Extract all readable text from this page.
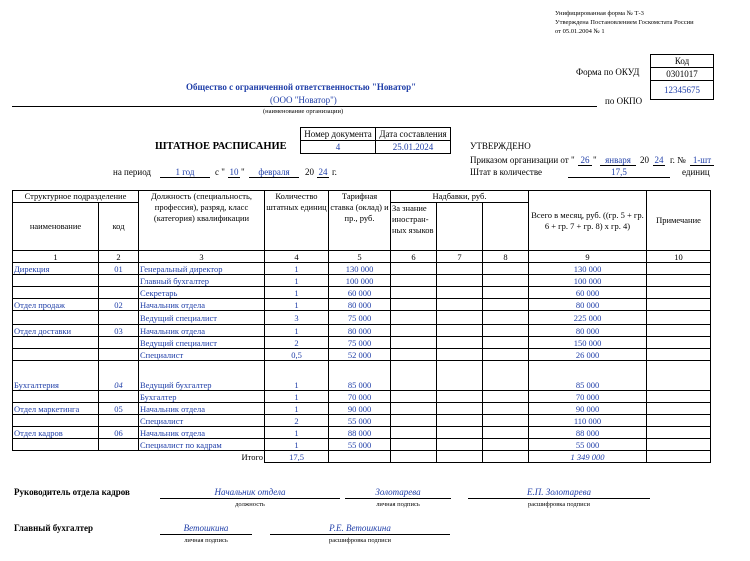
Унифицированная форма № Т-3
Утверждена Постановлением Госкомстата России
от 05.01.2004 № 1
Код
0301017
12345675
Форма по ОКУД
по ОКПО
Общество с ограниченной ответственностью "Новатор"
(ООО "Новатор")
(наименование организации)
Номер документа	Дата составления
4	25.01.2024
ШТАТНОЕ РАСПИСАНИЕ
на период	1 год	с " 10 "	февраля	20 24 г.
УТВЕРЖДЕНО
Приказом организации от " 26 " января	20 24 г. № 1-шт
Штат в количестве	17,5	единиц
Структурное подразделение		Должность (специальность, профессия), разряд, класс (категория) квалификации	Количество штатных единиц	Тарифная ставка (оклад) и пр., руб.	Надбавки, руб.			Всего в месяц, руб. ((гр. 5 + гр. 6 + гр. 7 + гр. 8) х гр. 4)	Примечание
наименование	код				За знание иностран-ных языков				
1	2	3	4	5	6	7	8	9	10
Дирекция	01	Генеральный директор	1	130 000				130 000	
		Главный бухгалтер	1	100 000				100 000	
		Секретарь	1	60 000				60 000	
Отдел продаж	02	Начальник отдела	1	80 000				80 000	
		Ведущий специалист	3	75 000				225 000	
Отдел доставки	03	Начальник отдела	1	80 000				80 000	
		Ведущий специалист	2	75 000				150 000	
		Специалист	0,5	52 000				26 000	
Бухгалтерия	04	Ведущий бухгалтер	1	85 000				85 000	
		Бухгалтер	1	70 000				70 000	
Отдел маркетинга	05	Начальник отдела	1	90 000				90 000	
		Специалист	2	55 000				110 000	
Отдел кадров	06	Начальник отдела	1	88 000				88 000	
		Специалист по кадрам	1	55 000				55 000	
Итого			17,5					1 349 000	
Руководитель отдела кадров	Начальник отдела
должность
Золотарева
личная подпись
Е.П. Золотарева
расшифровка подписи
Главный бухгалтер	Ветошкина
личная подпись
Р.Е. Ветошкина
расшифровка подписи
